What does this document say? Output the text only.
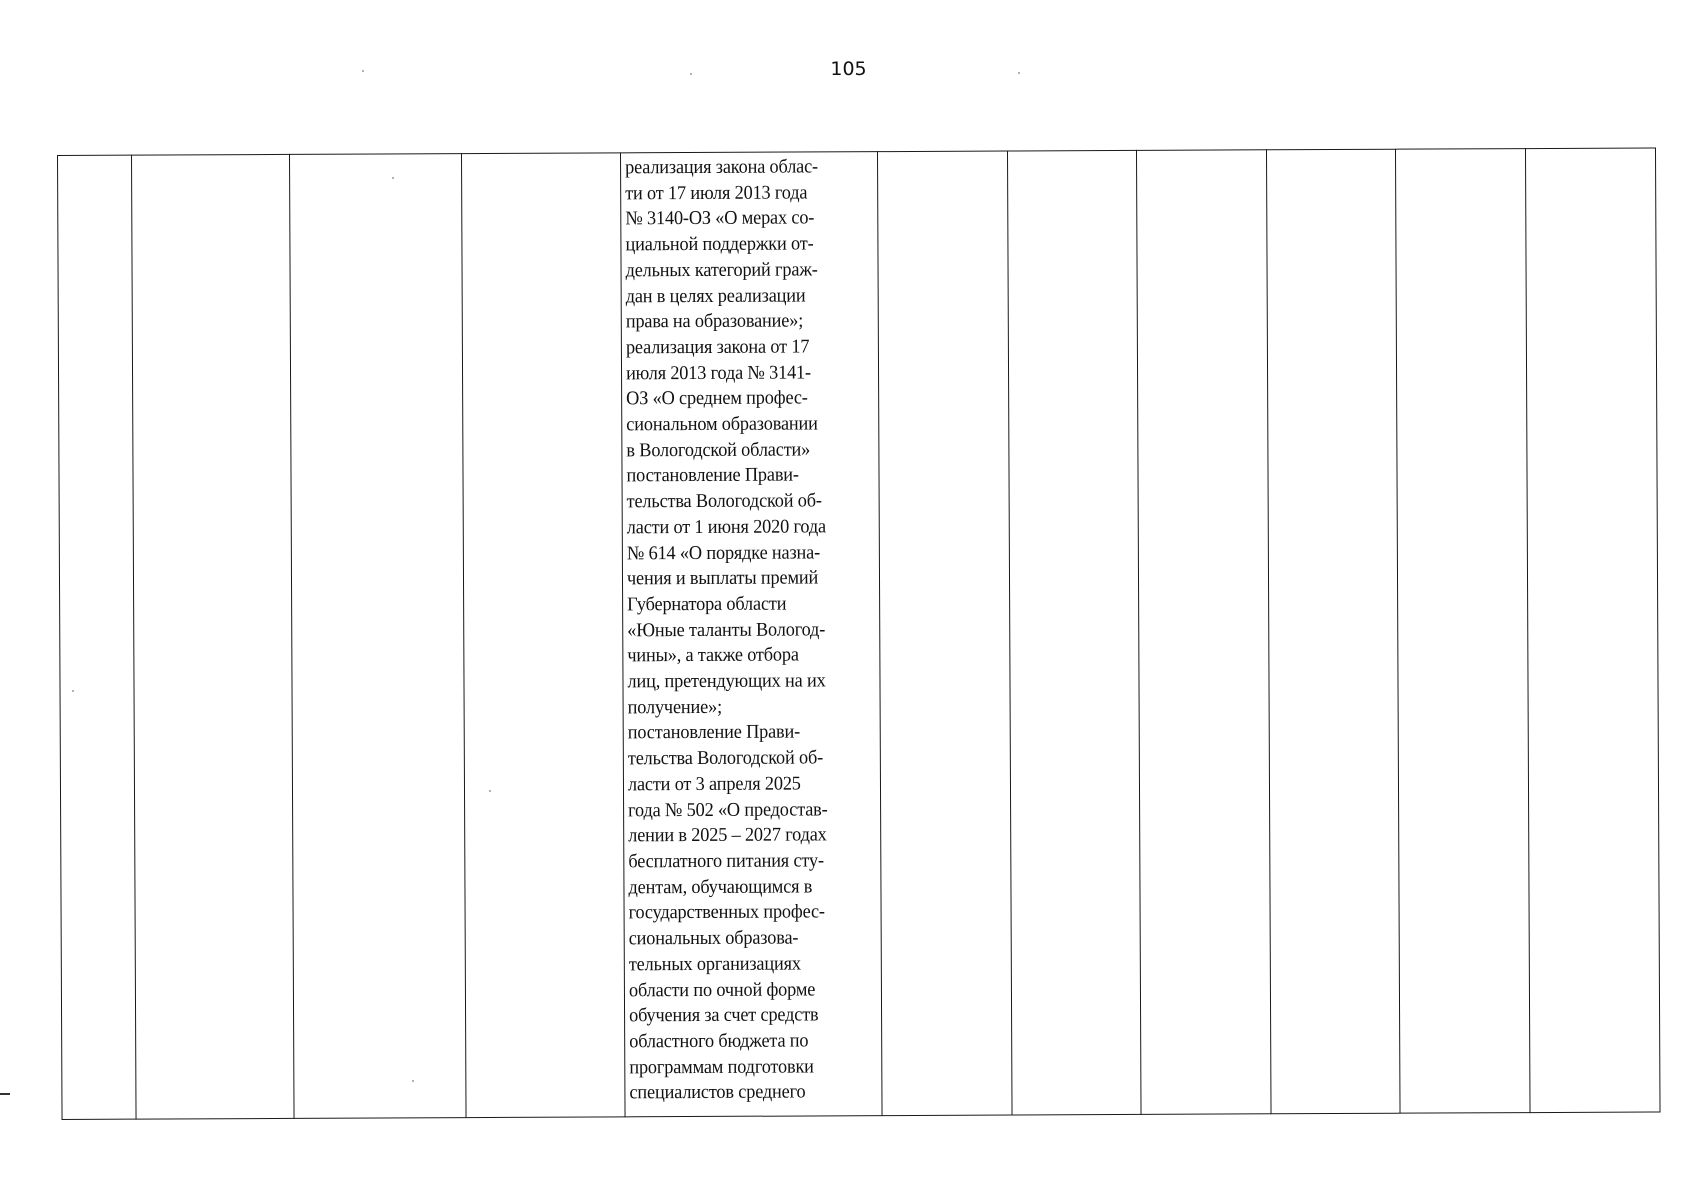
105

реализация закона облас-
ти от 17 июля 2013 года
№ 3140-ОЗ «О мерах со-
циальной поддержки от-
дельных категорий граж-
дан в целях реализации
права на образование»;
реализация закона от 17
июля 2013 года № 3141-
ОЗ «О среднем профес-
сиональном образовании
в Вологодской области»
постановление Прави-
тельства Вологодской об-
ласти от 1 июня 2020 года
№ 614 «О порядке назна-
чения и выплаты премий
Губернатора области
«Юные таланты Вологод-
чины», а также отбора
лиц, претендующих на их
получение»;
постановление Прави-
тельства Вологодской об-
ласти от 3 апреля 2025
года № 502 «О предостав-
лении в 2025 – 2027 годах
бесплатного питания сту-
дентам, обучающимся в
государственных профес-
сиональных образова-
тельных организациях
области по очной форме
обучения за счет средств
областного бюджета по
программам подготовки
специалистов среднего
